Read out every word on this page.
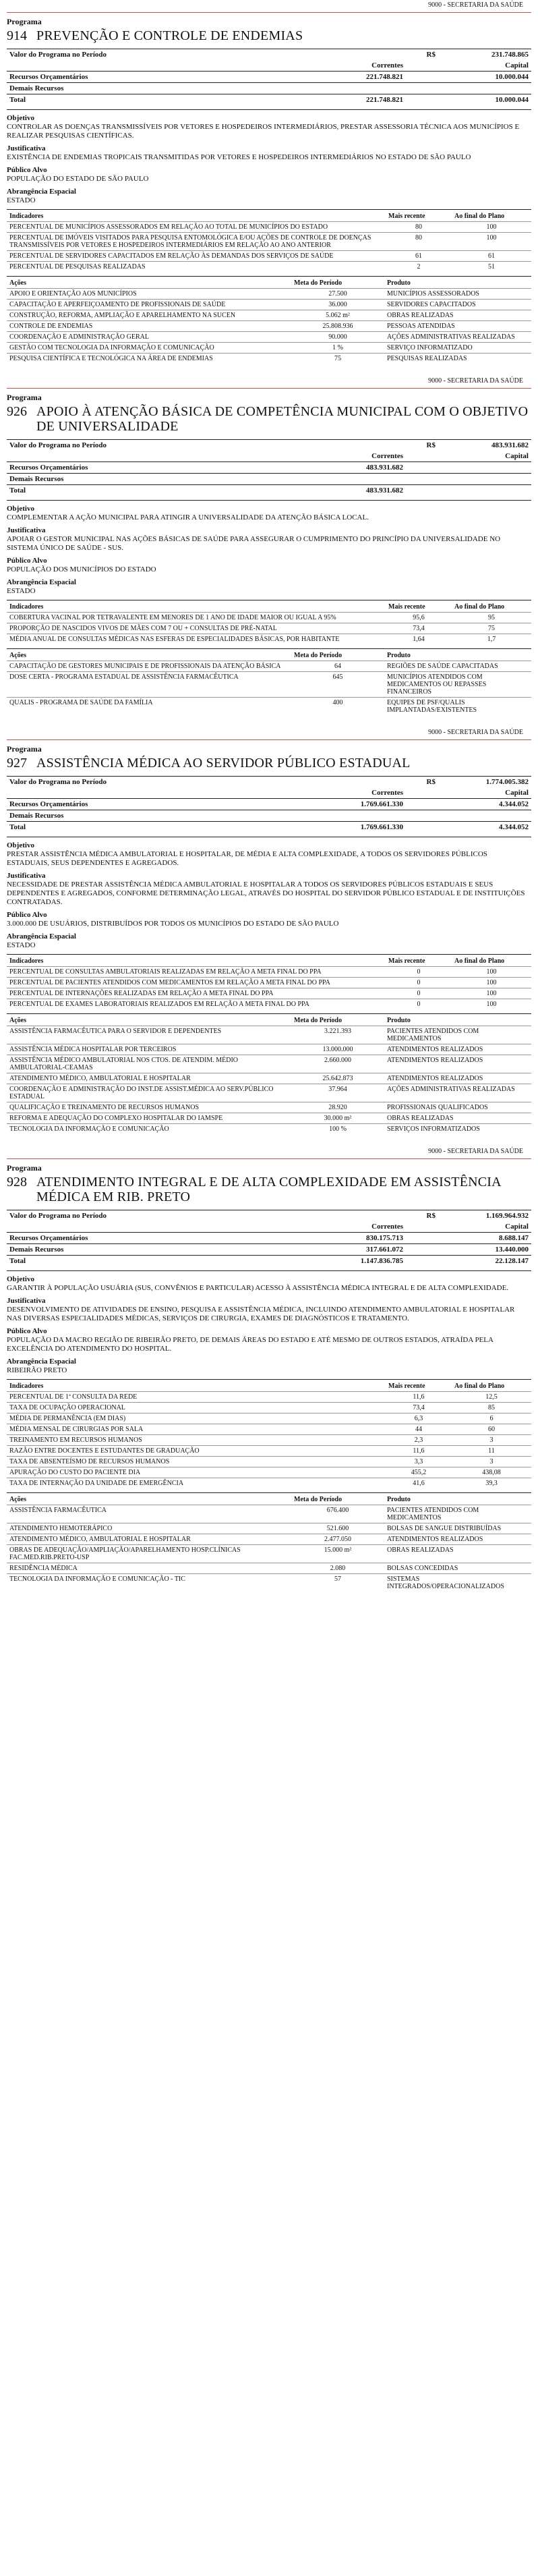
9000 - SECRETARIA DA SAÚDE
Programa
914 PREVENÇÃO E CONTROLE DE ENDEMIAS
Valor do Programa no Período		R$	231.748.865
	Correntes		Capital
Recursos Orçamentários	221.748.821		10.000.044
Demais Recursos			
Total	221.748.821		10.000.044
Objetivo
CONTROLAR AS DOENÇAS TRANSMISSÍVEIS POR VETORES E HOSPEDEIROS INTERMEDIÁRIOS, PRESTAR ASSESSORIA TÉCNICA AOS MUNICÍPIOS E REALIZAR PESQUISAS CIENTÍFICAS.
Justificativa
EXISTÊNCIA DE ENDEMIAS TROPICAIS TRANSMITIDAS POR VETORES E HOSPEDEIROS INTERMEDIÁRIOS NO ESTADO DE SÃO PAULO
Público Alvo
POPULAÇÃO DO ESTADO DE SÃO PAULO
Abrangência Espacial
ESTADO
Indicadores	Mais recente	Ao final do Plano
PERCENTUAL DE MUNICÍPIOS ASSESSORADOS EM RELAÇÃO AO TOTAL DE MUNICÍPIOS DO ESTADO	80	100
PERCENTUAL DE IMÓVEIS VISITADOS PARA PESQUISA ENTOMOLÓGICA E/OU AÇÕES DE CONTROLE DE DOENÇAS TRANSMISSÍVEIS POR VETORES E HOSPEDEIROS INTERMEDIÁRIOS EM RELAÇÃO AO ANO ANTERIOR	80	100
PERCENTUAL DE SERVIDORES CAPACITADOS EM RELAÇÃO ÀS DEMANDAS DOS SERVIÇOS DE SAÚDE	61	61
PERCENTUAL DE PESQUISAS REALIZADAS	2	51
Ações	Meta do Período	Produto
APOIO E ORIENTAÇÃO AOS MUNICÍPIOS	27.500	MUNICÍPIOS ASSESSORADOS
CAPACITAÇÃO E APERFEIÇOAMENTO DE PROFISSIONAIS DE SAÚDE	36.000	SERVIDORES CAPACITADOS
CONSTRUÇÃO, REFORMA, AMPLIAÇÃO E APARELHAMENTO NA SUCEN	5.062 m²	OBRAS REALIZADAS
CONTROLE DE ENDEMIAS	25.808.936	PESSOAS ATENDIDAS
COORDENAÇÃO E ADMINISTRAÇÃO GERAL	90.000	AÇÕES ADMINISTRATIVAS REALIZADAS
GESTÃO COM TECNOLOGIA DA INFORMAÇÃO E COMUNICAÇÃO	1 %	SERVIÇO INFORMATIZADO
PESQUISA CIENTÍFICA E TECNOLÓGICA NA ÁREA DE ENDEMIAS	75	PESQUISAS REALIZADAS
9000 - SECRETARIA DA SAÚDE
Programa
926 APOIO À ATENÇÃO BÁSICA DE COMPETÊNCIA MUNICIPAL COM O OBJETIVO DE UNIVERSALIDADE
Valor do Programa no Período		R$	483.931.682
	Correntes		Capital
Recursos Orçamentários	483.931.682		
Demais Recursos			
Total	483.931.682		
Objetivo
COMPLEMENTAR A AÇÃO MUNICIPAL PARA ATINGIR A UNIVERSALIDADE DA ATENÇÃO BÁSICA LOCAL.
Justificativa
APOIAR O GESTOR MUNICIPAL NAS AÇÕES BÁSICAS DE SAÚDE PARA ASSEGURAR O CUMPRIMENTO DO PRINCÍPIO DA UNIVERSALIDADE NO SISTEMA ÚNICO DE SAÚDE - SUS.
Público Alvo
POPULAÇÃO DOS MUNICÍPIOS DO ESTADO
Abrangência Espacial
ESTADO
Indicadores	Mais recente	Ao final do Plano
COBERTURA VACINAL POR TETRAVALENTE EM MENORES DE 1 ANO DE IDADE MAIOR OU IGUAL A 95%	95,6	95
PROPORÇÃO DE NASCIDOS VIVOS DE MÃES COM 7 OU + CONSULTAS DE PRÉ-NATAL	73,4	75
MÉDIA ANUAL DE CONSULTAS MÉDICAS NAS ESFERAS DE ESPECIALIDADES BÁSICAS, POR HABITANTE	1,64	1,7
Ações	Meta do Período	Produto
CAPACITAÇÃO DE GESTORES MUNICIPAIS E DE PROFISSIONAIS DA ATENÇÃO BÁSICA	64	REGIÕES DE SAÚDE CAPACITADAS
DOSE CERTA - PROGRAMA ESTADUAL DE ASSISTÊNCIA FARMACÊUTICA	645	MUNICÍPIOS ATENDIDOS COM MEDICAMENTOS OU REPASSES FINANCEIROS
QUALIS - PROGRAMA DE SAÚDE DA FAMÍLIA	400	EQUIPES DE PSF/QUALIS IMPLANTADAS/EXISTENTES
9000 - SECRETARIA DA SAÚDE
Programa
927 ASSISTÊNCIA MÉDICA AO SERVIDOR PÚBLICO ESTADUAL
Valor do Programa no Período		R$	1.774.005.382
	Correntes		Capital
Recursos Orçamentários	1.769.661.330		4.344.052
Demais Recursos			
Total	1.769.661.330		4.344.052
Objetivo
PRESTAR ASSISTÊNCIA MÉDICA AMBULATORIAL E HOSPITALAR, DE MÉDIA E ALTA COMPLEXIDADE, A TODOS OS SERVIDORES PÚBLICOS ESTADUAIS, SEUS DEPENDENTES E AGREGADOS.
Justificativa
NECESSIDADE DE PRESTAR ASSISTÊNCIA MÉDICA AMBULATORIAL E HOSPITALAR A TODOS OS SERVIDORES PÚBLICOS ESTADUAIS E SEUS DEPENDENTES E AGREGADOS, CONFORME DETERMINAÇÃO LEGAL, ATRAVÉS DO HOSPITAL DO SERVIDOR PÚBLICO ESTADUAL E DE INSTITUIÇÕES CONTRATADAS.
Público Alvo
3.000.000 DE USUÁRIOS, DISTRIBUÍDOS POR TODOS OS MUNICÍPIOS DO ESTADO DE SÃO PAULO
Abrangência Espacial
ESTADO
Indicadores	Mais recente	Ao final do Plano
PERCENTUAL DE CONSULTAS AMBULATORIAIS REALIZADAS EM RELAÇÃO A META FINAL DO PPA	0	100
PERCENTUAL DE PACIENTES ATENDIDOS COM MEDICAMENTOS EM RELAÇÃO A META FINAL DO PPA	0	100
PERCENTUAL DE INTERNAÇÕES REALIZADAS EM RELAÇÃO A META FINAL DO PPA	0	100
PERCENTUAL DE EXAMES LABORATORIAIS REALIZADOS EM RELAÇÃO A META FINAL DO PPA	0	100
Ações	Meta do Período	Produto
ASSISTÊNCIA FARMACÊUTICA PARA O SERVIDOR E DEPENDENTES	3.221.393	PACIENTES ATENDIDOS COM MEDICAMENTOS
ASSISTÊNCIA MÉDICA HOSPITALAR POR TERCEIROS	13.000.000	ATENDIMENTOS REALIZADOS
ASSISTÊNCIA MÉDICO AMBULATORIAL NOS CTOS. DE ATENDIM. MÉDIO AMBULATORIAL-CEAMAS	2.660.000	ATENDIMENTOS REALIZADOS
ATENDIMENTO MÉDICO, AMBULATORIAL E HOSPITALAR	25.642.873	ATENDIMENTOS REALIZADOS
COORDENAÇÃO E ADMINISTRAÇÃO DO INST.DE ASSIST.MÉDICA AO SERV.PÚBLICO ESTADUAL	37.964	AÇÕES ADMINISTRATIVAS REALIZADAS
QUALIFICAÇÃO E TREINAMENTO DE RECURSOS HUMANOS	28.920	PROFISSIONAIS QUALIFICADOS
REFORMA E ADEQUAÇÃO DO COMPLEXO HOSPITALAR DO IAMSPE	30.000 m²	OBRAS REALIZADAS
TECNOLOGIA DA INFORMAÇÃO E COMUNICAÇÃO	100 %	SERVIÇOS INFORMATIZADOS
9000 - SECRETARIA DA SAÚDE
Programa
928 ATENDIMENTO INTEGRAL E DE ALTA COMPLEXIDADE EM ASSISTÊNCIA MÉDICA EM RIB. PRETO
Valor do Programa no Período		R$	1.169.964.932
	Correntes		Capital
Recursos Orçamentários	830.175.713		8.688.147
Demais Recursos	317.661.072		13.440.000
Total	1.147.836.785		22.128.147
Objetivo
GARANTIR À POPULAÇÃO USUÁRIA (SUS, CONVÊNIOS E PARTICULAR) ACESSO À ASSISTÊNCIA MÉDICA INTEGRAL E DE ALTA COMPLEXIDADE.
Justificativa
DESENVOLVIMENTO DE ATIVIDADES DE ENSINO, PESQUISA E ASSISTÊNCIA MÉDICA, INCLUINDO ATENDIMENTO AMBULATORIAL E HOSPITALAR NAS DIVERSAS ESPECIALIDADES MÉDICAS, SERVIÇOS DE CIRURGIA, EXAMES DE DIAGNÓSTICOS E TRATAMENTO.
Público Alvo
POPULAÇÃO DA MACRO REGIÃO DE RIBEIRÃO PRETO, DE DEMAIS ÁREAS DO ESTADO E ATÉ MESMO DE OUTROS ESTADOS, ATRAÍDA PELA EXCELÊNCIA DO ATENDIMENTO DO HOSPITAL.
Abrangência Espacial
RIBEIRÃO PRETO
Indicadores	Mais recente	Ao final do Plano
PERCENTUAL DE 1ª CONSULTA DA REDE	11,6	12,5
TAXA DE OCUPAÇÃO OPERACIONAL	73,4	85
MÉDIA DE PERMANÊNCIA (EM DIAS)	6,3	6
MÉDIA MENSAL DE CIRURGIAS POR SALA	44	60
TREINAMENTO EM RECURSOS HUMANOS	2,3	3
RAZÃO ENTRE DOCENTES E ESTUDANTES DE GRADUAÇÃO	11,6	11
TAXA DE ABSENTEÍSMO DE RECURSOS HUMANOS	3,3	3
APURAÇÃO DO CUSTO DO PACIENTE DIA	455,2	438,08
TAXA DE INTERNAÇÃO DA UNIDADE DE EMERGÊNCIA	41,6	39,3
Ações	Meta do Período	Produto
ASSISTÊNCIA FARMACÊUTICA	676.400	PACIENTES ATENDIDOS COM MEDICAMENTOS
ATENDIMENTO HEMOTERÁPICO	521.600	BOLSAS DE SANGUE DISTRIBUÍDAS
ATENDIMENTO MÉDICO, AMBULATORIAL E HOSPITALAR	2.477.050	ATENDIMENTOS REALIZADOS
OBRAS DE ADEQUAÇÃO/AMPLIAÇÃO/APARELHAMENTO HOSP.CLÍNICAS FAC.MED.RIB.PRETO-USP	15.000 m²	OBRAS REALIZADAS
RESIDÊNCIA MÉDICA	2.080	BOLSAS CONCEDIDAS
TECNOLOGIA DA INFORMAÇÃO E COMUNICAÇÃO - TIC	57	SISTEMAS INTEGRADOS/OPERACIONALIZADOS
